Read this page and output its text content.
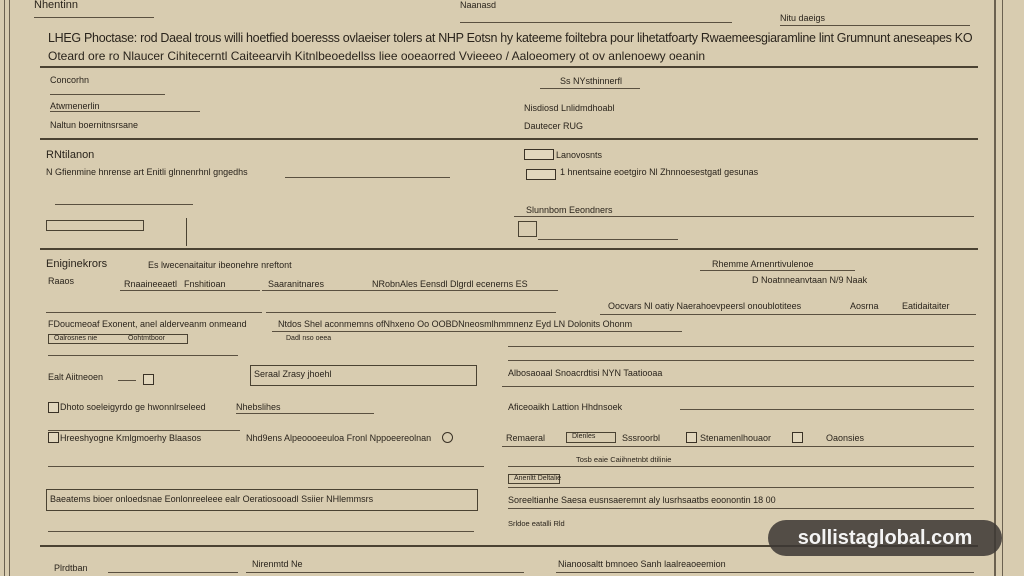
Nhentinn	Naanasd
Nitu daeigs
LHEG Phoctase: rod Daeal trous willi hoetfied boeresss ovlaeiser tolers at NHP Eotsn hy kateeme foiltebra pour lihetatfoarty Rwaemeesgiaramline lint Grumnunt aneseapes KO
Oteard ore ro Nlaucer Cihitecerntl Caiteearvih Kitnlbeoedellss liee ooeaorred Vvieeeo / Aaloeomery ot ov anlenoewy oeanin
Concorhn
Atwmenerlin
Naltun boernitnsrsane
Ss NYsthinnerfl
Nisdiosd Lnlidmdhoabl
Dautecer RUG
RNtilanon
N Gfienmine hnrense art Enitli glnnenrhnl gngedhs
Lanovosnts
1 hnentsaine eoetgiro Nl Zhnnoesestgatl gesunas
Slunnbom Eeondners
Eniginekrors	Es lwecenaitaitur ibeonehre nreftont	Rhemme Arnenrtivulenoe
Raaos	Rnaaineeaetl Fnshitioan	Saaranitnares	NRobnAles Eensdl Dlgrdl ecenerns ES	D Noatnneanvtaan N/9 Naak
Oocvars Nl oatiy Naerahoevpeersl onoublotitees	Aosrna	Eatidaitaiter
FDoucmeoaf Exonent, anel alderveanm onmeand	Ntdos Shel aconmemns ofNhxeno Oo OOBDNneosmlhmmnenz Eyd LN Dolonits Ohonm
Oalrosnes nie	Oohtmtboor	Dadl nso oeea
Ealt Aiitneoen	Seraal Zrasy jhoehl	Albosaoaal Snoacrdtisi NYN Taatiooaa
Dhoto soeleigyrdo ge hwonnlrseleed	Nhebslihes	Aficeoaikh Lattion Hhdnsoek
Hreeshyogne Kmlgmoerhy Blaasos	Nhd9ens Alpeoooeeuloa Fronl Nppoeereolnan	Remaeral	Dlenles	Sssroorbl	Stenamenlhouaor	Oaonsies
Tosb eaie Caiihnetnbt dtilinie
Aneriltt Deltalie
Baeatems bioer onloedsnae Eonlonreeleee ealr Oeratiosooadl Ssiier NHlemmsrs	Soreeltianhe Saesa eusnsaeremnt aly lusrhsaatbs eoonontin 18 00
Srldoe eatalli Rld
Plrdtban	Nirenmtd Ne	Nianoosaltt bmnoeo Sanh laalreaoeemion
sollistaglobal.com
